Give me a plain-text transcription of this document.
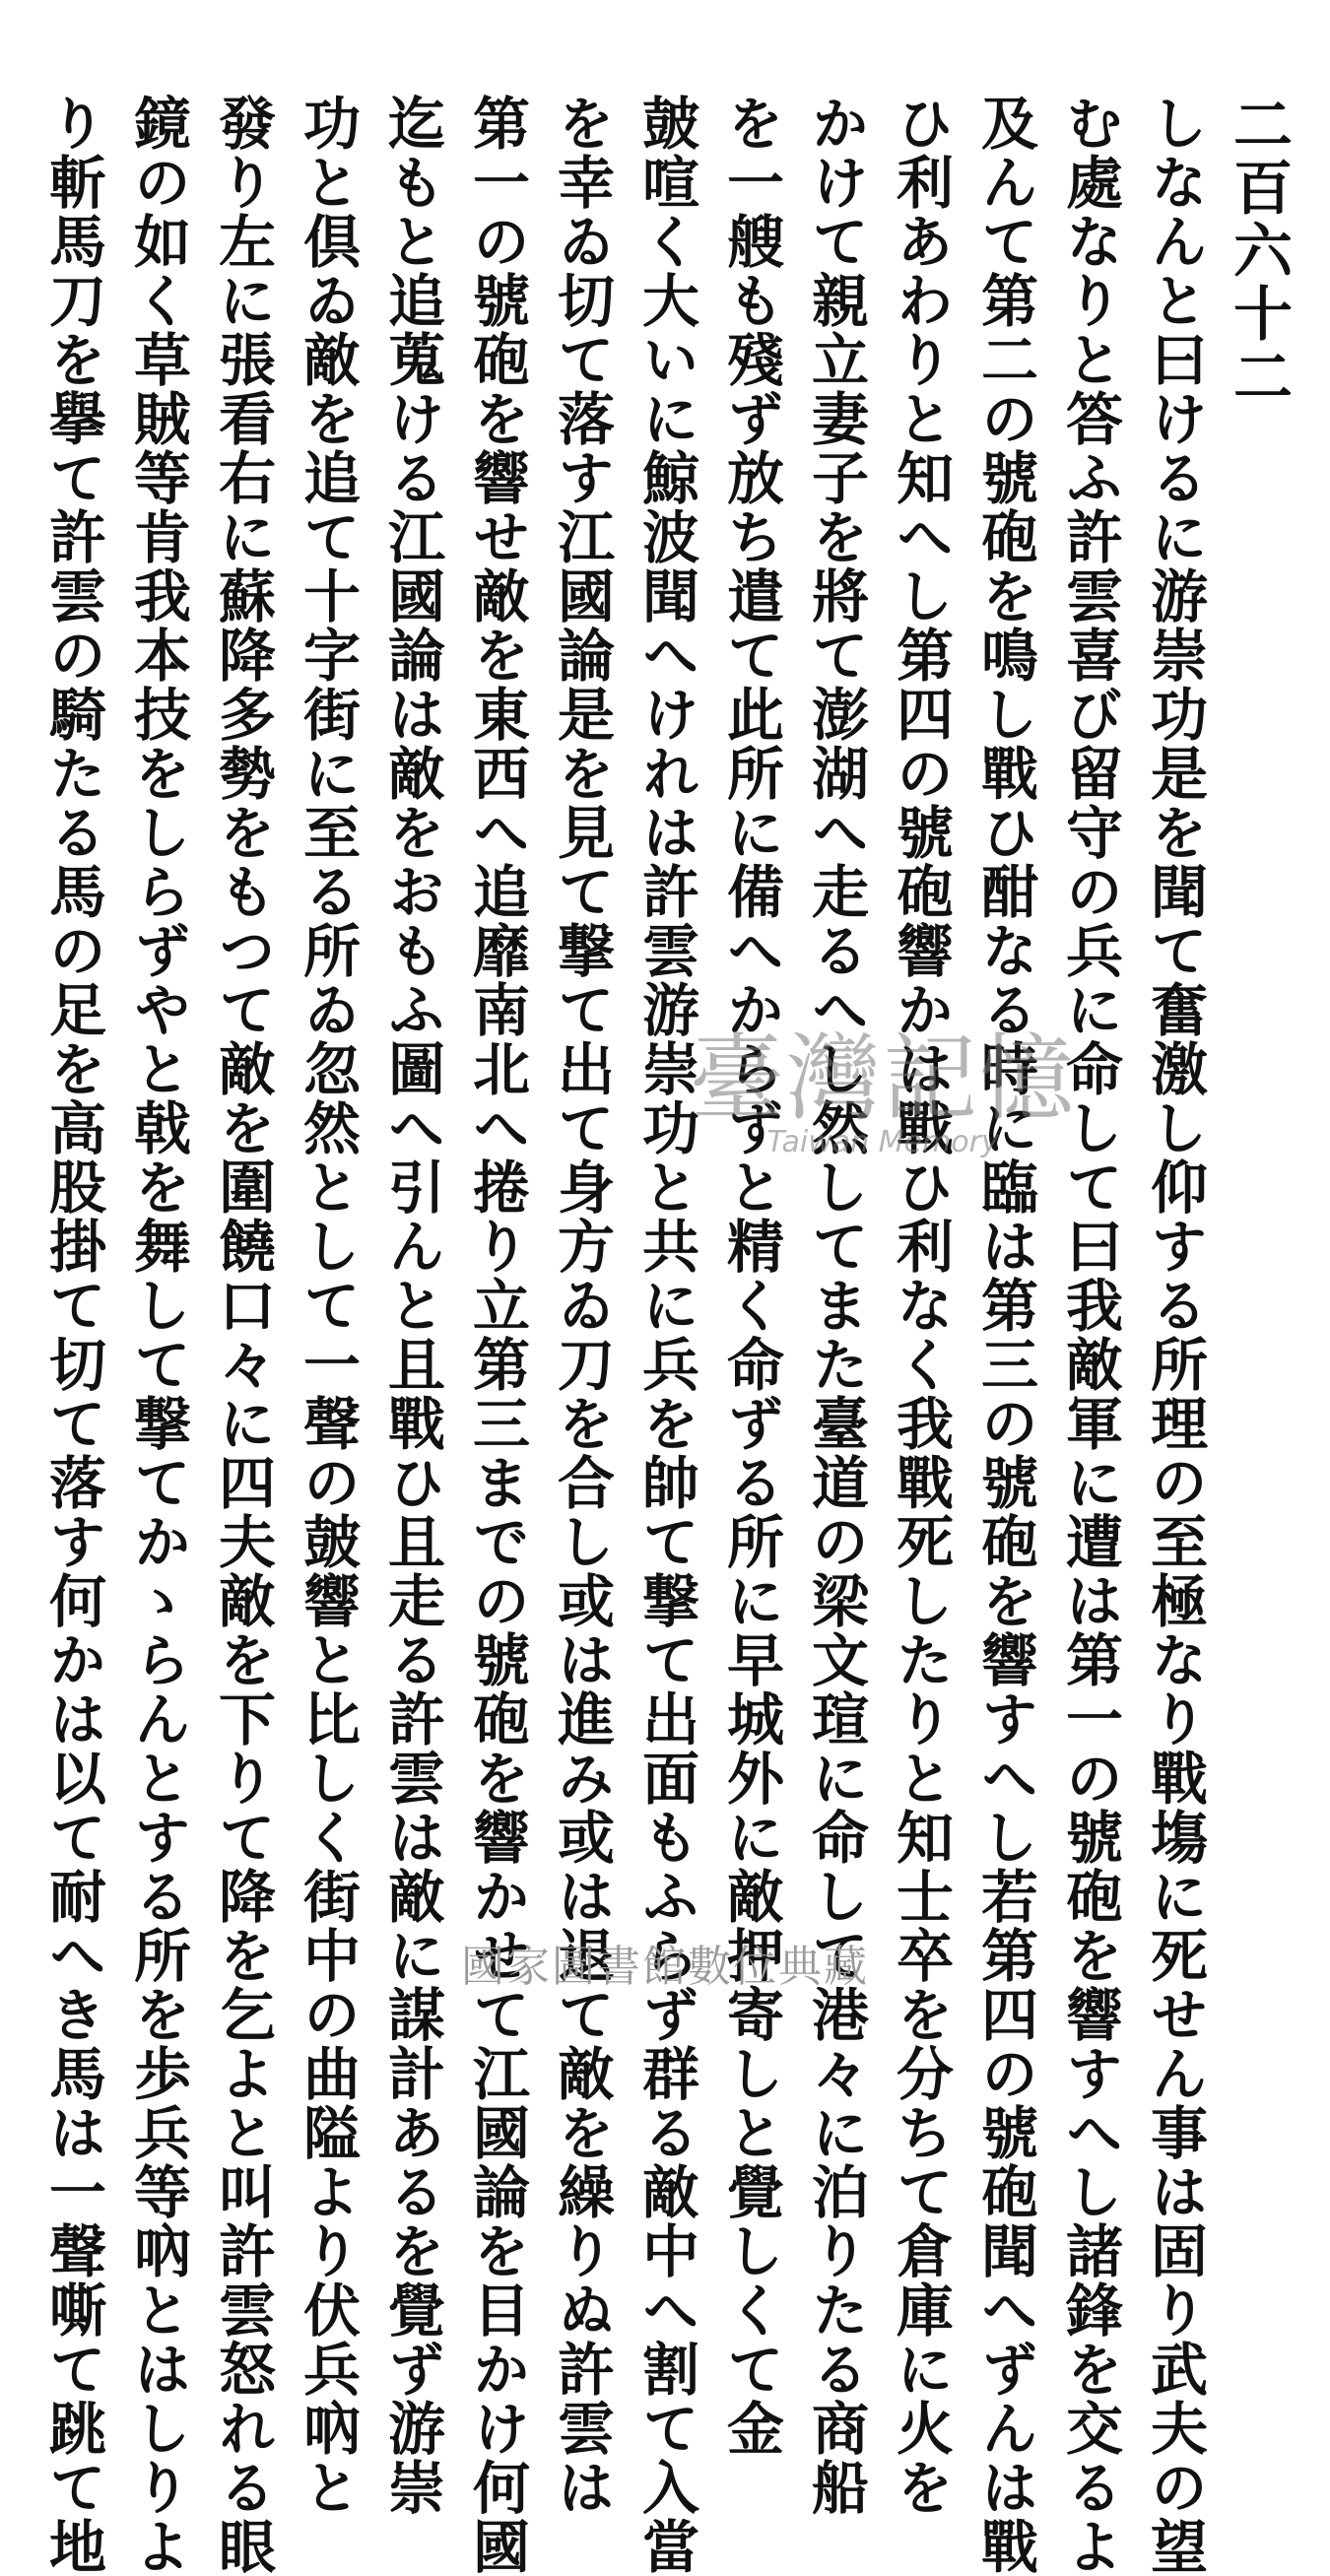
二百六十二
しなんと曰けるに游崇功是を聞て奮激し仰する所理の至極なり戰塲に死せん事は固り武夫の望
む處なりと答ふ許雲喜び留守の兵に命して曰我敵軍に遭は第一の號砲を響すへし諸鋒を交るよ
及んて第二の號砲を鳴し戰ひ酣なる時に臨は第三の號砲を響すへし若第四の號砲聞へずんは戰
ひ利あわりと知へし第四の號砲響かは戰ひ利なく我戰死したりと知士卒を分ちて倉庫に火を
かけて親立妻子を將て澎湖へ走るへし然してまた臺道の梁文瑄に命して港々に泊りたる商船
を一艘も殘ず放ち遣て此所に備へからずと精く命ずる所に早城外に敵押寄しと覺しくて金
皷喧く大いに鯨波聞へけれは許雲游崇功と共に兵を帥て撃て出面もふらず群る敵中へ割て入當
を幸ゐ切て落す江國論是を見て撃て出て身方ゐ刀を合し或は進み或は退て敵を繰りぬ許雲は
第一の號砲を響せ敵を東西へ追靡南北へ捲り立第三までの號砲を響かせて江國論を目かけ何國
迄もと追蒐ける江國論は敵をおもふ圖へ引んと且戰ひ且走る許雲は敵に謀計あるを覺ず游崇
功と倶ゐ敵を追て十字街に至る所ゐ忽然として一聲の皷響と比しく街中の曲隘より伏兵吶と
發り左に張看右に蘇降多勢をもつて敵を圍饒口々に四夫敵を下りて降を乞よと叫許雲怒れる眼
鏡の如く草賊等肯我本技をしらずやと戟を舞して撃てかゝらんとする所を歩兵等吶とはしりよ
り斬馬刀を擧て許雲の騎たる馬の足を高股掛て切て落す何かは以て耐へき馬は一聲嘶て跳て地	臺灣記憶
Taiwan Memory
國家圖書館數位典藏
